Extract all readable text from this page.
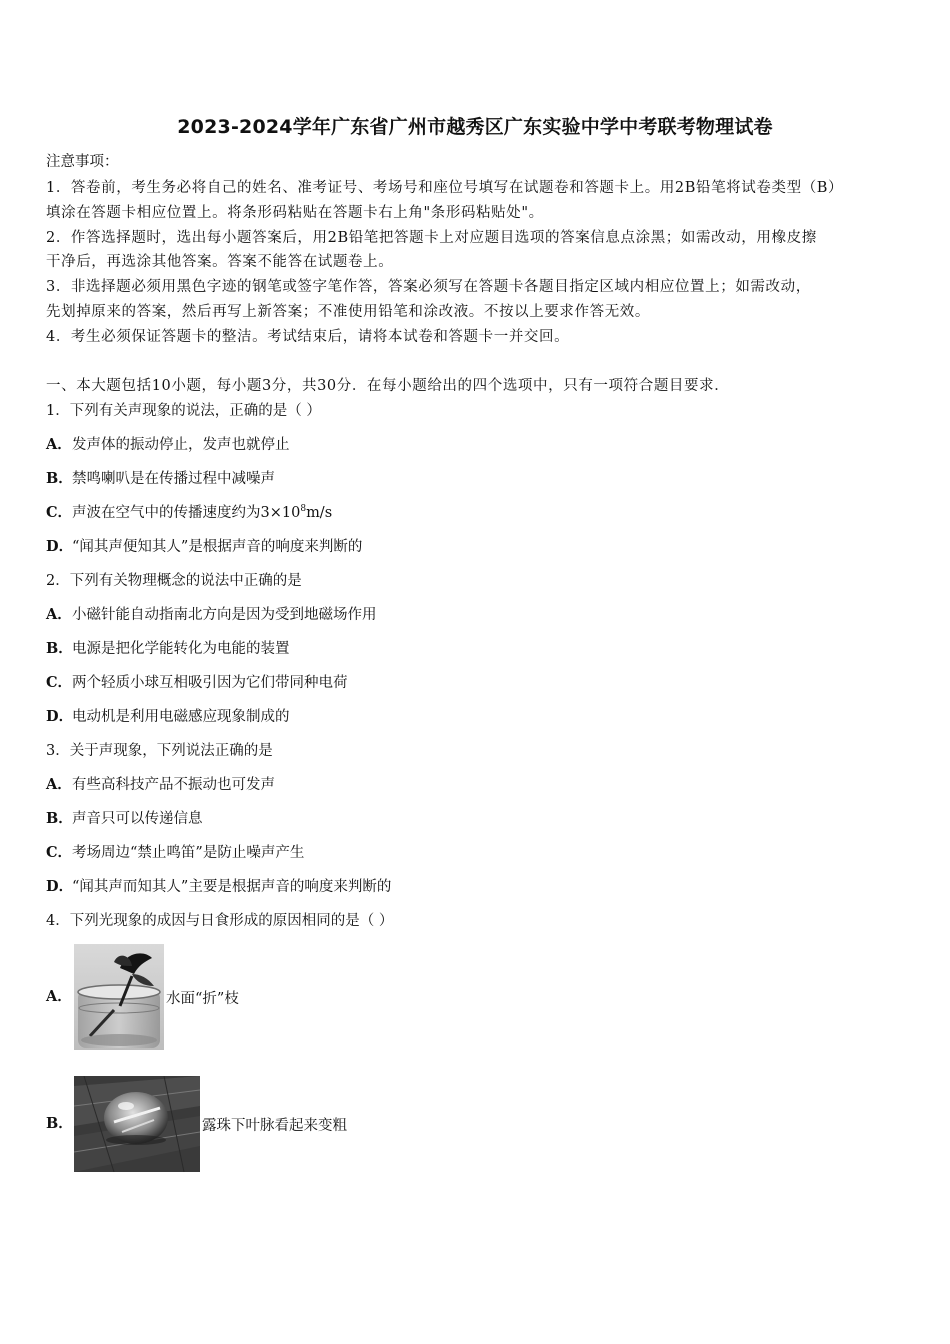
2023-2024学年广东省广州市越秀区广东实验中学中考联考物理试卷
注意事项：
1．答卷前，考生务必将自己的姓名、准考证号、考场号和座位号填写在试题卷和答题卡上。用2B铅笔将试卷类型（B）
填涂在答题卡相应位置上。将条形码粘贴在答题卡右上角"条形码粘贴处"。
2．作答选择题时，选出每小题答案后，用2B铅笔把答题卡上对应题目选项的答案信息点涂黑；如需改动，用橡皮擦
干净后，再选涂其他答案。答案不能答在试题卷上。
3．非选择题必须用黑色字迹的钢笔或签字笔作答，答案必须写在答题卡各题目指定区域内相应位置上；如需改动，
先划掉原来的答案，然后再写上新答案；不准使用铅笔和涂改液。不按以上要求作答无效。
4．考生必须保证答题卡的整洁。考试结束后，请将本试卷和答题卡一并交回。
一、本大题包括10小题，每小题3分，共30分．在每小题给出的四个选项中，只有一项符合题目要求．
1．下列有关声现象的说法，正确的是（ ）
A．发声体的振动停止，发声也就停止
B．禁鸣喇叭是在传播过程中减噪声
C．声波在空气中的传播速度约为$3\times 10^8m/s$
D．“闻其声便知其人”是根据声音的响度来判断的
2．下列有关物理概念的说法中正确的是
A．小磁针能自动指南北方向是因为受到地磁场作用
B．电源是把化学能转化为电能的装置
C．两个轻质小球互相吸引因为它们带同种电荷
D．电动机是利用电磁感应现象制成的
3．关于声现象，下列说法正确的是
A．有些高科技产品不振动也可发声
B．声音只可以传递信息
C．考场周边“禁止鸣笛”是防止噪声产生
D．“闻其声而知其人”主要是根据声音的响度来判断的
4．下列光现象的成因与日食形成的原因相同的是（ ）
A．	水面“折”枝
B．	露珠下叶脉看起来变粗
